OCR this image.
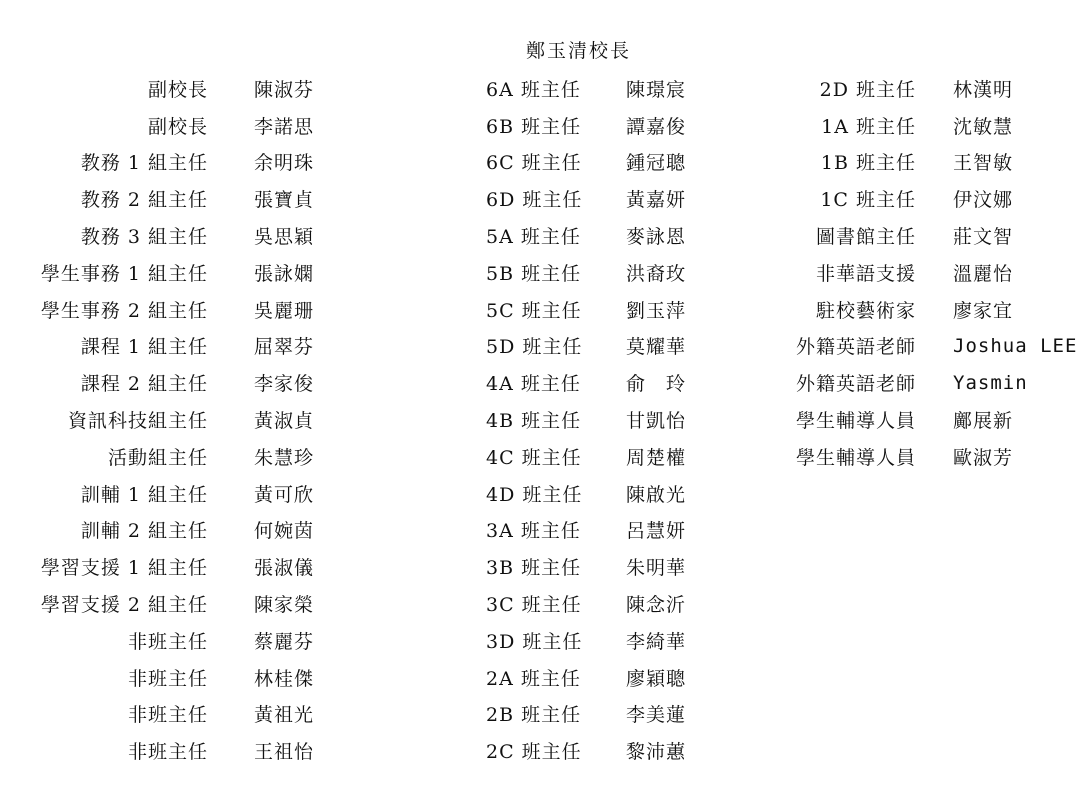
鄭玉清校長
副校長 陳淑芬
副校長 李諾思
教務 1 組主任 余明珠
教務 2 組主任 張寶貞
教務 3 組主任 吳思穎
學生事務 1 組主任 張詠嫻
學生事務 2 組主任 吳麗珊
課程 1 組主任 屈翠芬
課程 2 組主任 李家俊
資訊科技組主任 黃淑貞
活動組主任 朱慧珍
訓輔 1 組主任 黃可欣
訓輔 2 組主任 何婉茵
學習支援 1 組主任 張淑儀
學習支援 2 組主任 陳家榮
非班主任 蔡麗芬
非班主任 林桂傑
非班主任 黃祖光
非班主任 王祖怡
6A 班主任 陳璟宸
6B 班主任 譚嘉俊
6C 班主任 鍾冠聰
6D 班主任 黃嘉妍
5A 班主任 麥詠恩
5B 班主任 洪裔玫
5C 班主任 劉玉萍
5D 班主任 莫耀華
4A 班主任 俞　玲
4B 班主任 甘凱怡
4C 班主任 周楚權
4D 班主任 陳啟光
3A 班主任 呂慧妍
3B 班主任 朱明華
3C 班主任 陳念沂
3D 班主任 李綺華
2A 班主任 廖穎聰
2B 班主任 李美蓮
2C 班主任 黎沛蕙
2D 班主任 林漢明
1A 班主任 沈敏慧
1B 班主任 王智敏
1C 班主任 伊汶娜
圖書館主任 莊文智
非華語支援 溫麗怡
駐校藝術家 廖家宜
外籍英語老師 Joshua LEE
外籍英語老師 Yasmin
學生輔導人員 鄺展新
學生輔導人員 歐淑芳
